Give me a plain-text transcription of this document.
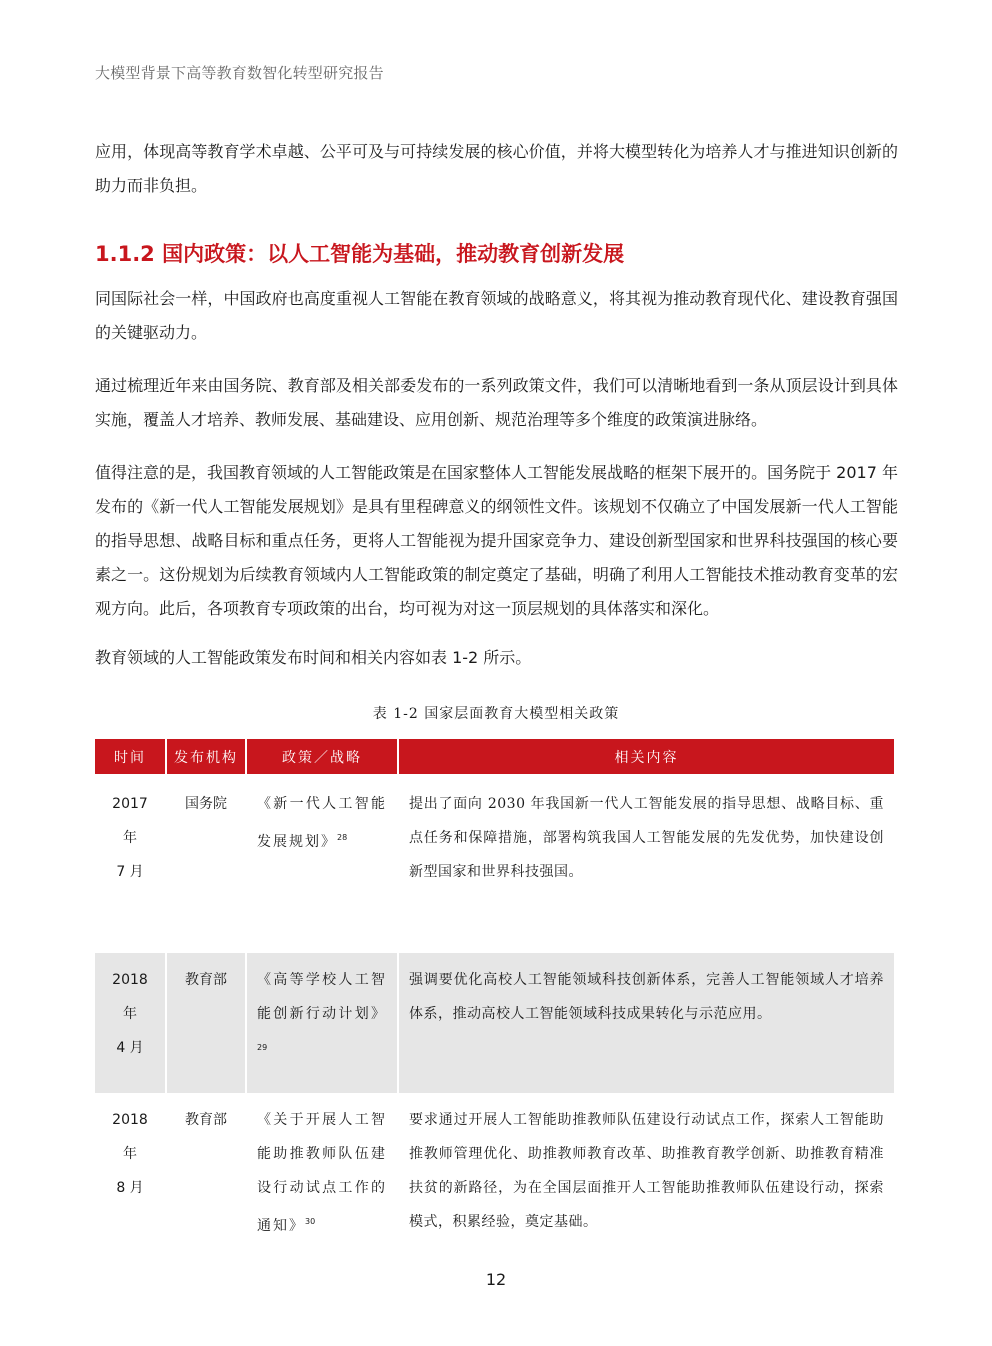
大模型背景下高等教育数智化转型研究报告
应用，体现高等教育学术卓越、公平可及与可持续发展的核心价值，并将大模型转化为培养人才与推进知识创新的助力而非负担。
1.1.2 国内政策：以人工智能为基础，推动教育创新发展
同国际社会一样，中国政府也高度重视人工智能在教育领域的战略意义，将其视为推动教育现代化、建设教育强国的关键驱动力。
通过梳理近年来由国务院、教育部及相关部委发布的一系列政策文件，我们可以清晰地看到一条从顶层设计到具体实施，覆盖人才培养、教师发展、基础建设、应用创新、规范治理等多个维度的政策演进脉络。
值得注意的是，我国教育领域的人工智能政策是在国家整体人工智能发展战略的框架下展开的。国务院于 2017 年发布的《新一代人工智能发展规划》是具有里程碑意义的纲领性文件。该规划不仅确立了中国发展新一代人工智能的指导思想、战略目标和重点任务，更将人工智能视为提升国家竞争力、建设创新型国家和世界科技强国的核心要素之一。这份规划为后续教育领域内人工智能政策的制定奠定了基础，明确了利用人工智能技术推动教育变革的宏观方向。此后，各项教育专项政策的出台，均可视为对这一顶层规划的具体落实和深化。
教育领域的人工智能政策发布时间和相关内容如表 1-2 所示。
表 1-2 国家层面教育大模型相关政策
时间	发布机构	政策／战略	相关内容

2017 年
7 月	国务院	《新一代人工智能发展规划》$^{28}$	提出了面向 2030 年我国新一代人工智能发展的指导思想、战略目标、重点任务和保障措施，部署构筑我国人工智能发展的先发优势，加快建设创新型国家和世界科技强国。

2018 年
4 月	教育部	《高等学校人工智能创新行动计划》$^{29}$	强调要优化高校人工智能领域科技创新体系，完善人工智能领域人才培养体系，推动高校人工智能领域科技成果转化与示范应用。

2018 年
8 月	教育部	《关于开展人工智能助推教师队伍建设行动试点工作的通知》$^{30}$	要求通过开展人工智能助推教师队伍建设行动试点工作，探索人工智能助推教师管理优化、助推教师教育改革、助推教育教学创新、助推教育精准扶贫的新路径，为在全国层面推开人工智能助推教师队伍建设行动，探索模式，积累经验，奠定基础。
12
